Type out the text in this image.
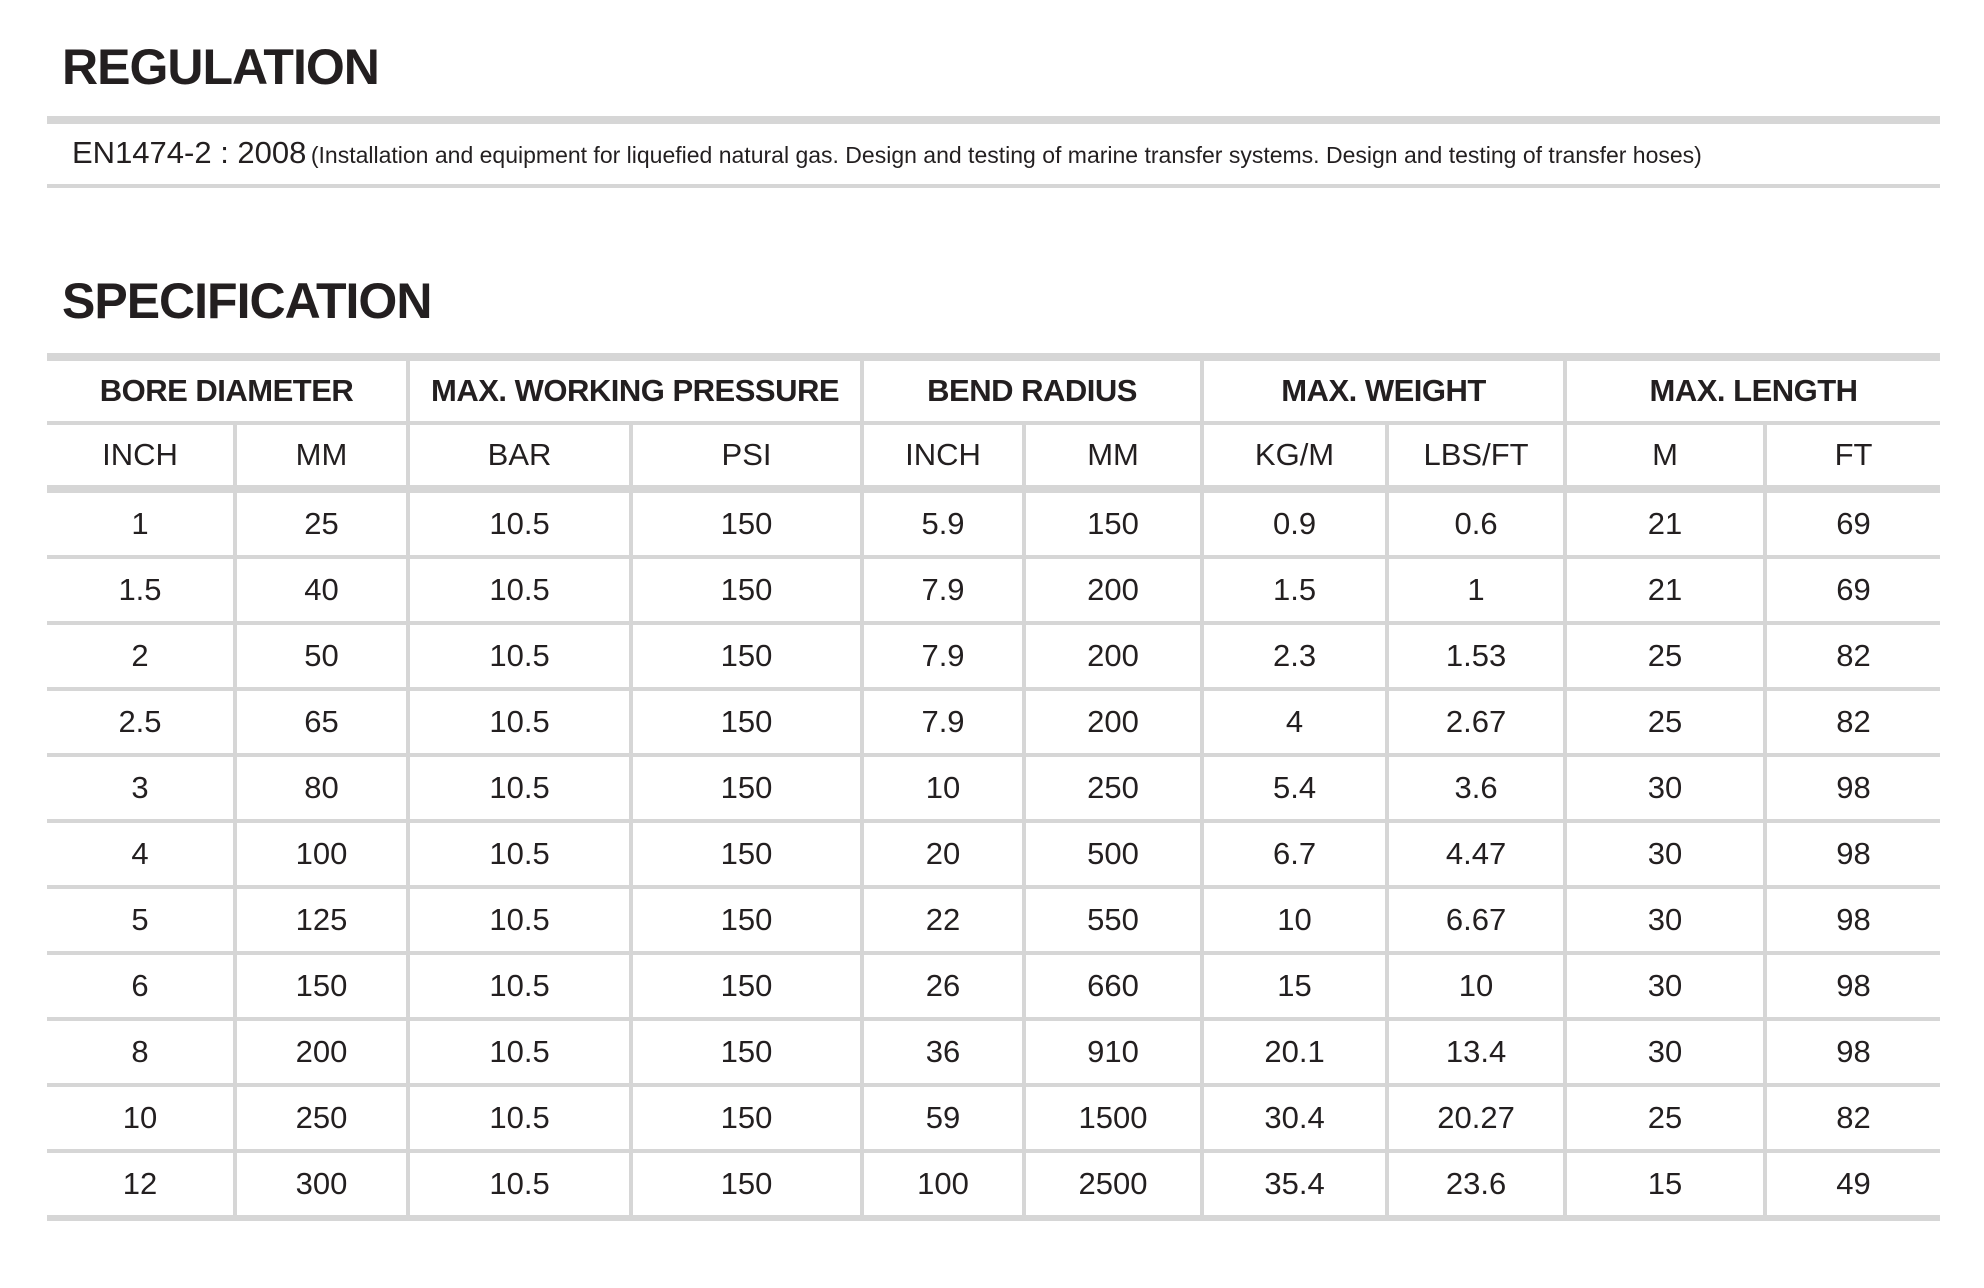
REGULATION
EN1474-2 : 2008 (Installation and equipment for liquefied natural gas. Design and testing of marine transfer systems. Design and testing of transfer hoses)
SPECIFICATION
BORE DIAMETER		MAX. WORKING PRESSURE		BEND RADIUS		MAX. WEIGHT		MAX. LENGTH	
INCH	MM	BAR	PSI	INCH	MM	KG/M	LBS/FT	M	FT
1	25	10.5	150	5.9	150	0.9	0.6	21	69
1.5	40	10.5	150	7.9	200	1.5	1	21	69
2	50	10.5	150	7.9	200	2.3	1.53	25	82
2.5	65	10.5	150	7.9	200	4	2.67	25	82
3	80	10.5	150	10	250	5.4	3.6	30	98
4	100	10.5	150	20	500	6.7	4.47	30	98
5	125	10.5	150	22	550	10	6.67	30	98
6	150	10.5	150	26	660	15	10	30	98
8	200	10.5	150	36	910	20.1	13.4	30	98
10	250	10.5	150	59	1500	30.4	20.27	25	82
12	300	10.5	150	100	2500	35.4	23.6	15	49
